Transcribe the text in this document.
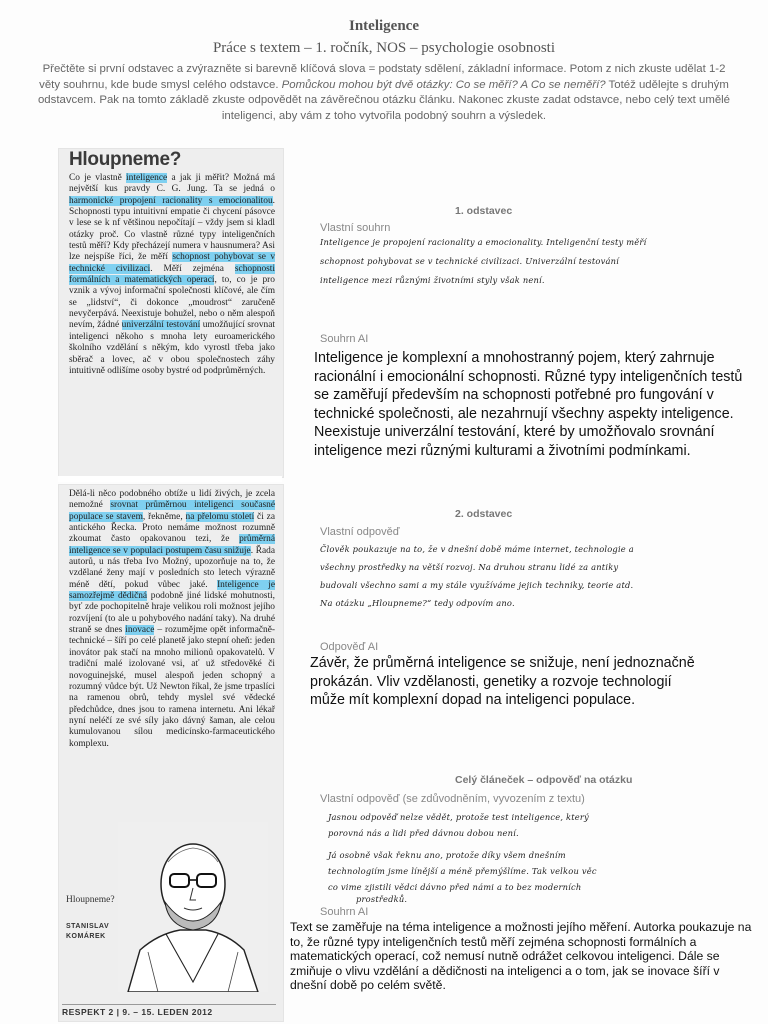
Inteligence
Práce s textem – 1. ročník, NOS – psychologie osobnosti
Přečtěte si první odstavec a zvýrazněte si barevně klíčová slova = podstaty sdělení, základní informace. Potom z nich zkuste udělat 1-2 věty souhrnu, kde bude smysl celého odstavce. Pomůckou mohou být dvě otázky: Co se měří? A Co se neměří? Totéž udělejte s druhým odstavcem. Pak na tomto základě zkuste odpovědět na závěrečnou otázku článku. Nakonec zkuste zadat odstavce, nebo celý text umělé inteligenci, aby vám z toho vytvořila podobný souhrn a výsledek.
Hloupneme?
Co je vlastně inteligence a jak ji měřit? Možná má největší kus pravdy C. G. Jung. Ta se jedná o harmonické propojení racionality s emocionalitou. Schopnosti typu intuitivní empatie či chycení pásovce v lese se k nf většinou nepočítají – vždy jsem si kladl otázky proč. Co vlastně různé typy inteligenčních testů měří? Kdy přecházejí numera v hausnumera? Asi lze nejspíše říci, že měří schopnost pohybovat se v technické civilizaci. Měří zejména schopnosti formálních a matematických operací, to, co je pro vznik a vývoj informační společnosti klíčové, ale čím se „lidství“, či dokonce „moudrost“ zaručeně nevyčerpává. Neexistuje bohužel, nebo o něm alespoň nevím, žádné univerzální testování umožňující srovnat inteligenci někoho s mnoha lety euroamerického školního vzdělání s někým, kdo vyrostl třeba jako sběrač a lovec, ač v obou společnostech záhy intuitivně odlišíme osoby bystré od podprůměrných.
Dělá-li něco podobného obtíže u lidí živých, je zcela nemožné srovnat průměrnou inteligenci současné populace se stavem, řekněme, na přelomu století či za antického Řecka. Proto nemáme možnost rozumně zkoumat často opakovanou tezi, že průměrná inteligence se v populaci postupem času snižuje. Řada autorů, u nás třeba Ivo Možný, upozorňuje na to, že vzdělané ženy mají v posledních sto letech výrazně méně dětí, pokud vůbec jaké. Inteligence je samozřejmě dědičná podobně jiné lidské mohutnosti, byť zde pochopitelně hraje velikou roli možnost jejího rozvíjení (to ale u pohybového nadání taky). Na druhé straně se dnes inovace – rozumějme opět informačně-technické – šíří po celé planetě jako stepní oheň: jeden inovátor pak stačí na mnoho milionů opakovatelů. V tradiční malé izolované vsi, ať už středověké či novoguinejské, musel alespoň jeden schopný a rozumný vůdce být. Už Newton říkal, že jsme trpaslíci na ramenou obrů, tehdy myslel své vědecké předchůdce, dnes jsou to ramena internetu. Ani lékař nyní neléčí ze své síly jako dávný šaman, ale celou kumulovanou sílou medicínsko-farmaceutického komplexu.
Hloupneme?
STANISLAV
KOMÁREK
RESPEKT 2 | 9. – 15. LEDEN 2012
1. odstavec
Vlastní souhrn
Inteligence je propojení racionality a emocionality. Inteligenční testy měří
schopnost pohybovat se v technické civilizaci. Univerzální testování
inteligence mezi různými životními styly však není.
Souhrn AI
Inteligence je komplexní a mnohostranný pojem, který zahrnuje racionální i emocionální schopnosti. Různé typy inteligenčních testů se zaměřují především na schopnosti potřebné pro fungování v technické společnosti, ale nezahrnují všechny aspekty inteligence. Neexistuje univerzální testování, které by umožňovalo srovnání inteligence mezi různými kulturami a životními podmínkami.
2. odstavec
Vlastní odpověď
Člověk poukazuje na to, že v dnešní době máme internet, technologie a
všechny prostředky na větší rozvoj. Na druhou stranu lidé za antiky
budovali všechno sami a my stále využíváme jejich techniky, teorie atd.
Na otázku „Hloupneme?“ tedy odpovím ano.
Odpověď AI
Závěr, že průměrná inteligence se snižuje, není jednoznačně prokázán. Vliv vzdělanosti, genetiky a rozvoje technologií může mít komplexní dopad na inteligenci populace.
Celý článeček – odpověď na otázku
Vlastní odpověď (se zdůvodněním, vyvozením z textu)
Jasnou odpověď nelze vědět, protože test inteligence, který
porovná nás a lidi před dávnou dobou není.
Já osobně však řeknu ano, protože díky všem dnešním
technologiím jsme línější a méně přemýšlíme. Tak velkou věc
co vime zjistili vědci dávno před námi a to bez moderních
prostředků.
Souhrn AI
Text se zaměřuje na téma inteligence a možnosti jejího měření. Autorka poukazuje na to, že různé typy inteligenčních testů měří zejména schopnosti formálních a matematických operací, což nemusí nutně odrážet celkovou inteligenci. Dále se zmiňuje o vlivu vzdělání a dědičnosti na inteligenci a o tom, jak se inovace šíří v dnešní době po celém světě.
